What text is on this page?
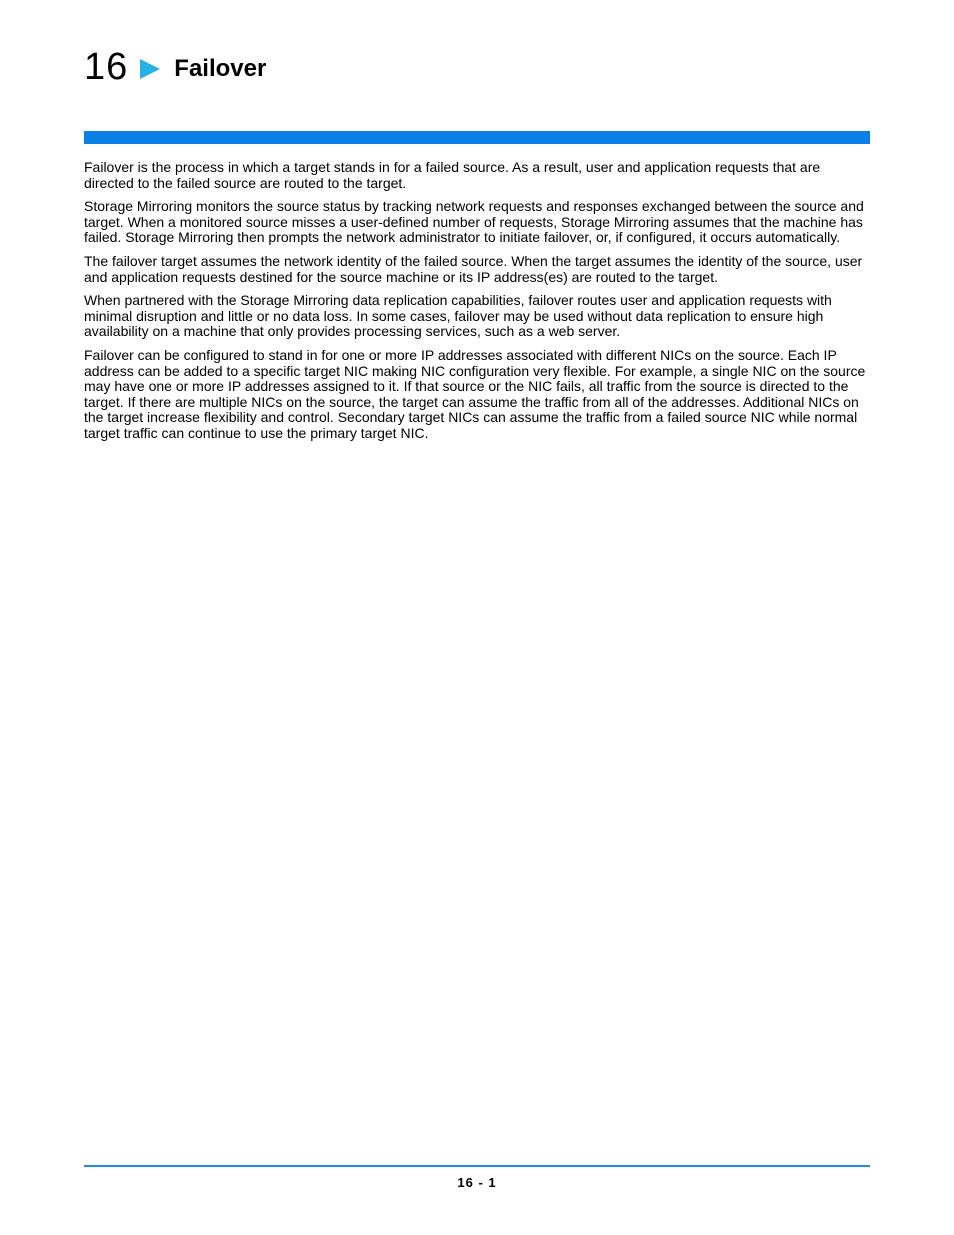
16 Failover

Failover is the process in which a target stands in for a failed source. As a result, user and application requests that are directed to the failed source are routed to the target.

Storage Mirroring monitors the source status by tracking network requests and responses exchanged between the source and target. When a monitored source misses a user-defined number of requests, Storage Mirroring assumes that the machine has failed. Storage Mirroring then prompts the network administrator to initiate failover, or, if configured, it occurs automatically.

The failover target assumes the network identity of the failed source. When the target assumes the identity of the source, user and application requests destined for the source machine or its IP address(es) are routed to the target.

When partnered with the Storage Mirroring data replication capabilities, failover routes user and application requests with minimal disruption and little or no data loss. In some cases, failover may be used without data replication to ensure high availability on a machine that only provides processing services, such as a web server.

Failover can be configured to stand in for one or more IP addresses associated with different NICs on the source. Each IP address can be added to a specific target NIC making NIC configuration very flexible. For example, a single NIC on the source may have one or more IP addresses assigned to it. If that source or the NIC fails, all traffic from the source is directed to the target. If there are multiple NICs on the source, the target can assume the traffic from all of the addresses. Additional NICs on the target increase flexibility and control. Secondary target NICs can assume the traffic from a failed source NIC while normal target traffic can continue to use the primary target NIC.

16 - 1
